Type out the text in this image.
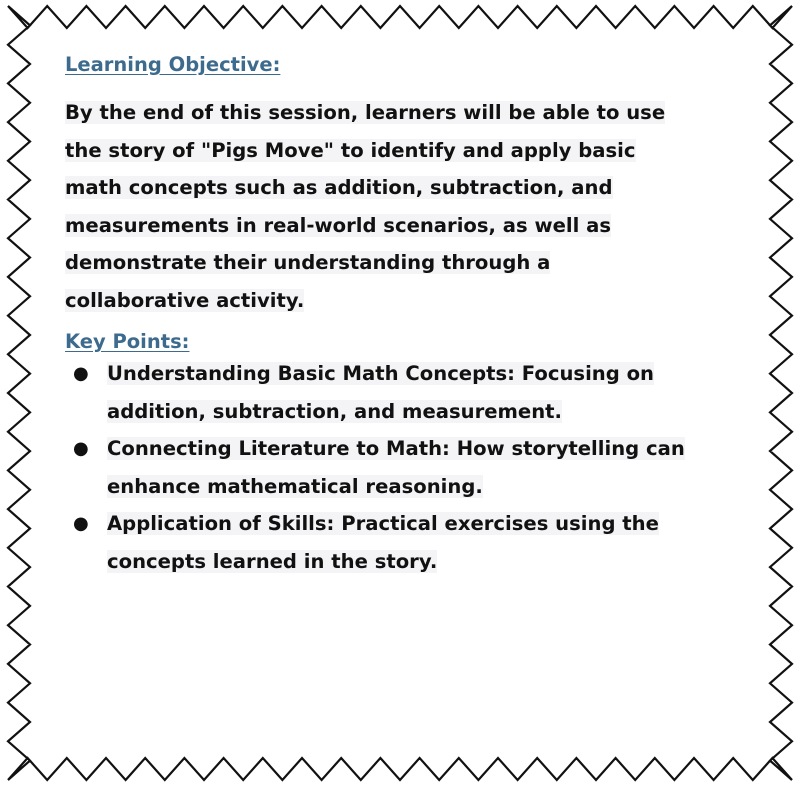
Learning Objective:

By the end of this session, learners will be able to use the story of "Pigs Move" to identify and apply basic math concepts such as addition, subtraction, and measurements in real-world scenarios, as well as demonstrate their understanding through a collaborative activity.

Key Points:
● Understanding Basic Math Concepts: Focusing on addition, subtraction, and measurement.
● Connecting Literature to Math: How storytelling can enhance mathematical reasoning.
● Application of Skills: Practical exercises using the concepts learned in the story.
